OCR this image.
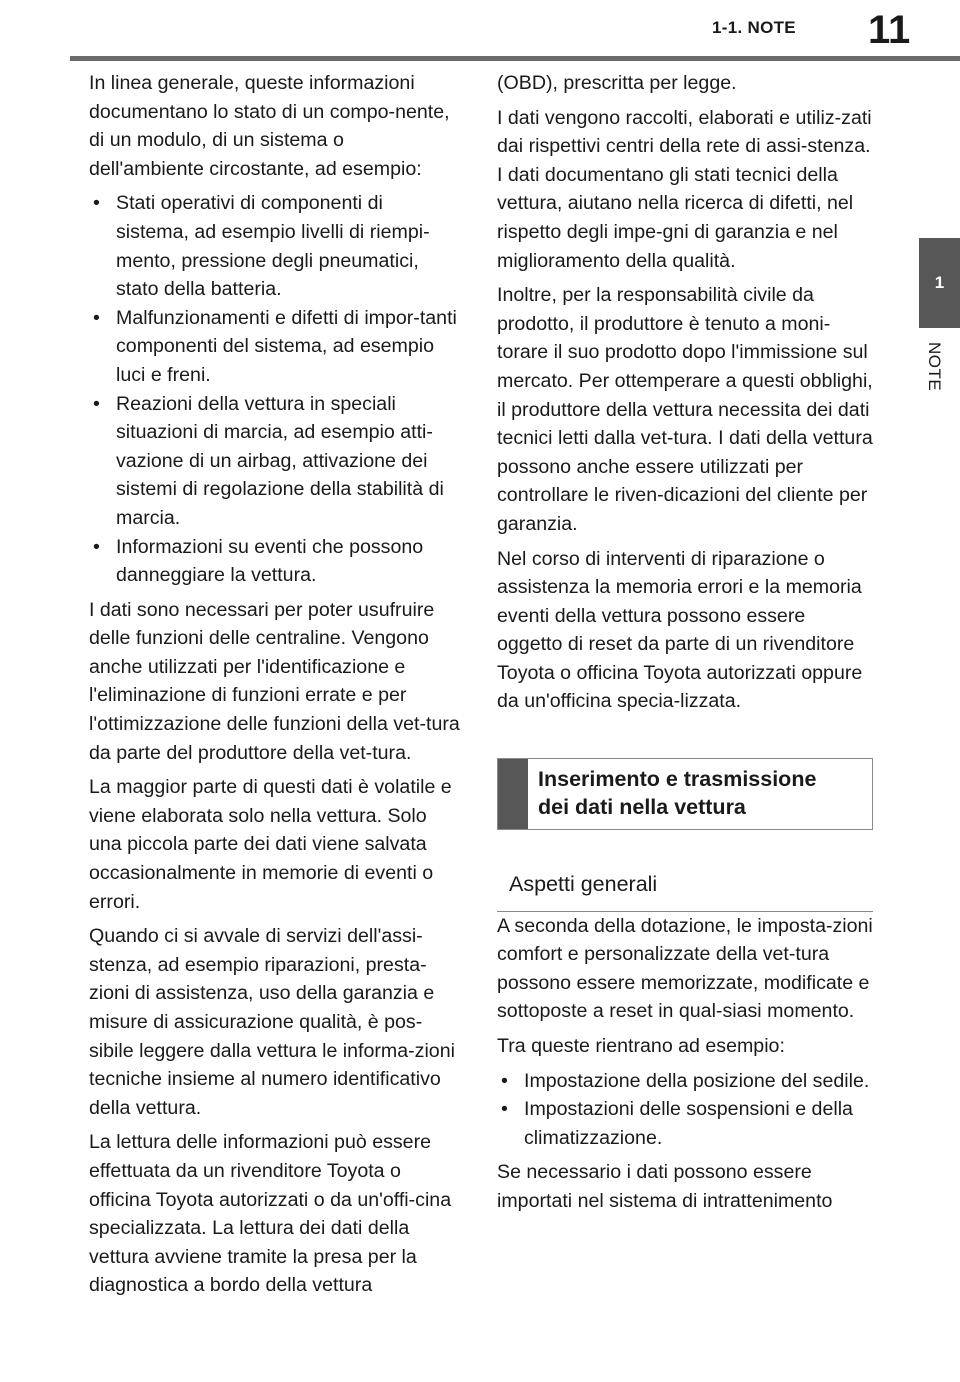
1-1. NOTE 11
1
NOTE

In linea generale, queste informazioni documentano lo stato di un compo-nente, di un modulo, di un sistema o dell'ambiente circostante, ad esempio:

• Stati operativi di componenti di sistema, ad esempio livelli di riempi-mento, pressione degli pneumatici, stato della batteria.
• Malfunzionamenti e difetti di impor-tanti componenti del sistema, ad esempio luci e freni.
• Reazioni della vettura in speciali situazioni di marcia, ad esempio atti-vazione di un airbag, attivazione dei sistemi di regolazione della stabilità di marcia.
• Informazioni su eventi che possono danneggiare la vettura.

I dati sono necessari per poter usufruire delle funzioni delle centraline. Vengono anche utilizzati per l'identificazione e l'eliminazione di funzioni errate e per l'ottimizzazione delle funzioni della vet-tura da parte del produttore della vet-tura.

La maggior parte di questi dati è volatile e viene elaborata solo nella vettura. Solo una piccola parte dei dati viene salvata occasionalmente in memorie di eventi o errori.

Quando ci si avvale di servizi dell'assi-stenza, ad esempio riparazioni, presta-zioni di assistenza, uso della garanzia e misure di assicurazione qualità, è pos-sibile leggere dalla vettura le informa-zioni tecniche insieme al numero identificativo della vettura.

La lettura delle informazioni può essere effettuata da un rivenditore Toyota o officina Toyota autorizzati o da un'offi-cina specializzata. La lettura dei dati della vettura avviene tramite la presa per la diagnostica a bordo della vettura

(OBD), prescritta per legge.

I dati vengono raccolti, elaborati e utiliz-zati dai rispettivi centri della rete di assi-stenza. I dati documentano gli stati tecnici della vettura, aiutano nella ricerca di difetti, nel rispetto degli impe-gni di garanzia e nel miglioramento della qualità.

Inoltre, per la responsabilità civile da prodotto, il produttore è tenuto a moni-torare il suo prodotto dopo l'immissione sul mercato. Per ottemperare a questi obblighi, il produttore della vettura necessita dei dati tecnici letti dalla vet-tura. I dati della vettura possono anche essere utilizzati per controllare le riven-dicazioni del cliente per garanzia.

Nel corso di interventi di riparazione o assistenza la memoria errori e la memoria eventi della vettura possono essere oggetto di reset da parte di un rivenditore Toyota o officina Toyota autorizzati oppure da un'officina specia-lizzata.

Inserimento e trasmissione
dei dati nella vettura
Aspetti generali

A seconda della dotazione, le imposta-zioni comfort e personalizzate della vet-tura possono essere memorizzate, modificate e sottoposte a reset in qual-siasi momento.

Tra queste rientrano ad esempio:

• Impostazione della posizione del sedile.
• Impostazioni delle sospensioni e della climatizzazione.

Se necessario i dati possono essere importati nel sistema di intrattenimento
